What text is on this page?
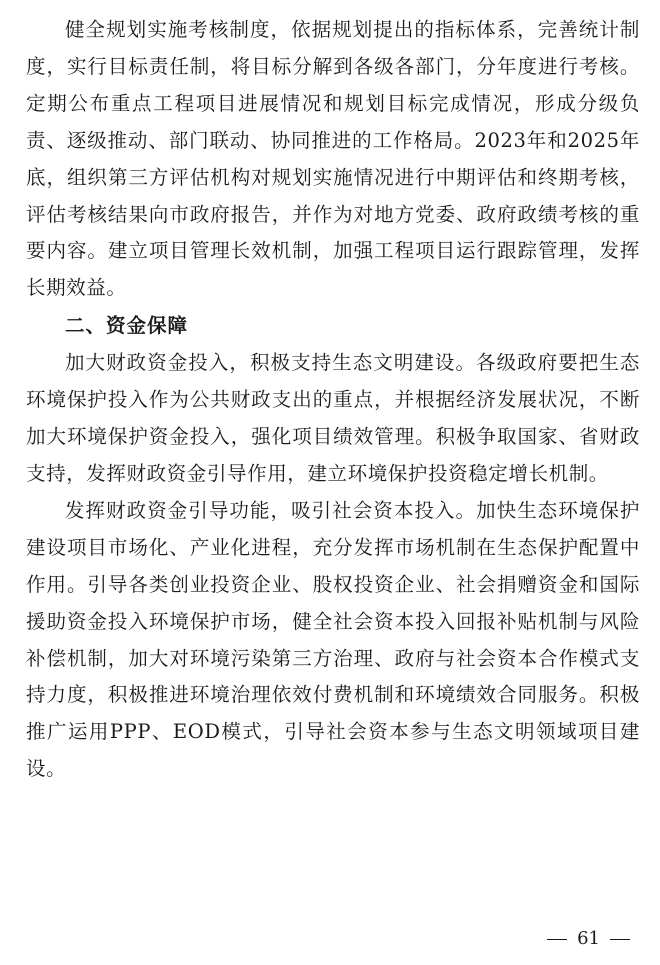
健全规划实施考核制度，依据规划提出的指标体系，完善统计制度，实行目标责任制，将目标分解到各级各部门，分年度进行考核。定期公布重点工程项目进展情况和规划目标完成情况，形成分级负责、逐级推动、部门联动、协同推进的工作格局。2023年和2025年底，组织第三方评估机构对规划实施情况进行中期评估和终期考核，评估考核结果向市政府报告，并作为对地方党委、政府政绩考核的重要内容。建立项目管理长效机制，加强工程项目运行跟踪管理，发挥长期效益。

二、资金保障

加大财政资金投入，积极支持生态文明建设。各级政府要把生态环境保护投入作为公共财政支出的重点，并根据经济发展状况，不断加大环境保护资金投入，强化项目绩效管理。积极争取国家、省财政支持，发挥财政资金引导作用，建立环境保护投资稳定增长机制。

发挥财政资金引导功能，吸引社会资本投入。加快生态环境保护建设项目市场化、产业化进程，充分发挥市场机制在生态保护配置中作用。引导各类创业投资企业、股权投资企业、社会捐赠资金和国际援助资金投入环境保护市场，健全社会资本投入回报补贴机制与风险补偿机制，加大对环境污染第三方治理、政府与社会资本合作模式支持力度，积极推进环境治理依效付费机制和环境绩效合同服务。积极推广运用PPP、EOD模式，引导社会资本参与生态文明领域项目建设。

61
